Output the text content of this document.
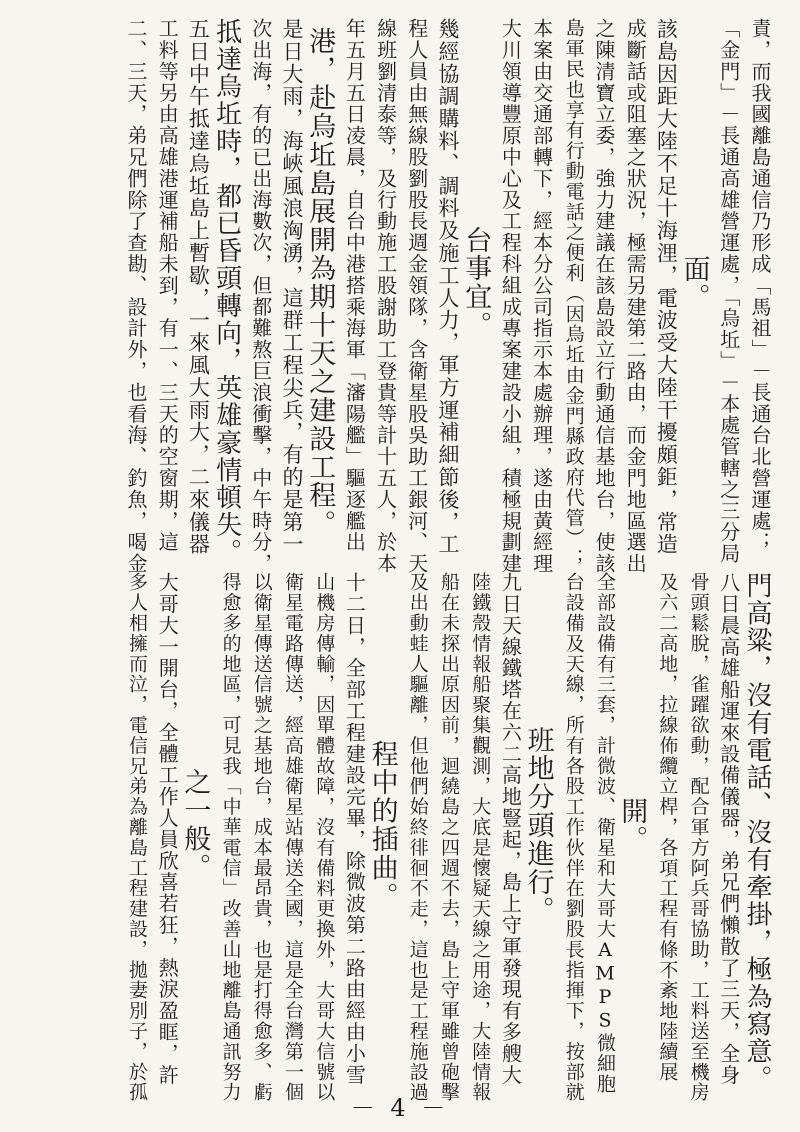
責，而我國離島通信乃形成「馬祖」－長通台北營運處；
「金門」－長通高雄營運處，「烏坵」－本處管轄之三分局
面。
該島因距大陸不足十海浬，電波受大陸干擾頗鉅，常造
成斷話或阻塞之狀況，極需另建第二路由，而金門地區選出
之陳清寶立委，強力建議在該島設立行動通信基地台，使該
島軍民也享有行動電話之便利（因烏坵由金門縣政府代管）；
本案由交通部轉下，經本分公司指示本處辦理，遂由黃經理
大川領導豐原中心及工程科組成專案建設小組，積極規劃建
台事宜。
幾經協調購料、調料及施工人力，軍方運補細節後，工
程人員由無線股劉股長週金領隊，含衛星股吳助工銀河、天
線班劉清泰等，及行動施工股謝助工登貴等計十五人，於本
年五月五日凌晨，自台中港搭乘海軍「瀋陽艦」驅逐艦出
港，赴烏坵島展開為期十天之建設工程。
是日大雨，海峽風浪洶湧，這群工程尖兵，有的是第一
次出海，有的已出海數次，但都難熬巨浪衝擊，中午時分，
抵達烏坵時，都已昏頭轉向，英雄豪情頓失。
五日中午抵達烏坵島上暫歇，一來風大雨大，二來儀器
工料等另由高雄港運補船未到，有一、三天的空窗期，這
二、三天，弟兄們除了查勘、設計外，也看海、釣魚，喝金
門高粱，沒有電話、沒有牽掛，極為寫意。
八日晨高雄船運來設備儀器，弟兄們懶散了三天，全身
骨頭鬆脫，雀躍欲動，配合軍方阿兵哥協助，工料送至機房
及六二高地，拉線佈纜立桿，各項工程有條不紊地陸續展
開。
全部設備有三套，計微波、衛星和大哥大AMPS微細胞
台設備及天線，所有各股工作伙伴在劉股長指揮下，按部就
班地分頭進行。
九日天線鐵塔在六二高地豎起，島上守軍發現有多艘大
陸鐵殼情報船聚集觀測，大底是懷疑天線之用途，大陸情報
船在未探出原因前，迴繞島之四週不去，島上守軍雖曾砲擊
及出動蛙人驅離，但他們始終徘徊不走，這也是工程施設過
程中的插曲。
十二日，全部工程建設完畢，除微波第二路由經由小雪
山機房傳輸，因單體故障，沒有備料更換外，大哥大信號以
衛星電路傳送，經高雄衛星站傳送全國，這是全台灣第一個
以衛星傳送信號之基地台，成本最昂貴，也是打得愈多、虧
得愈多的地區，可見我「中華電信」改善山地離島通訊努力
之一般。
大哥大一開台，全體工作人員欣喜若狂，熱淚盈眶，許
多人相擁而泣，電信兄弟為離島工程建設，拋妻別子，於孤
－ 4 －
